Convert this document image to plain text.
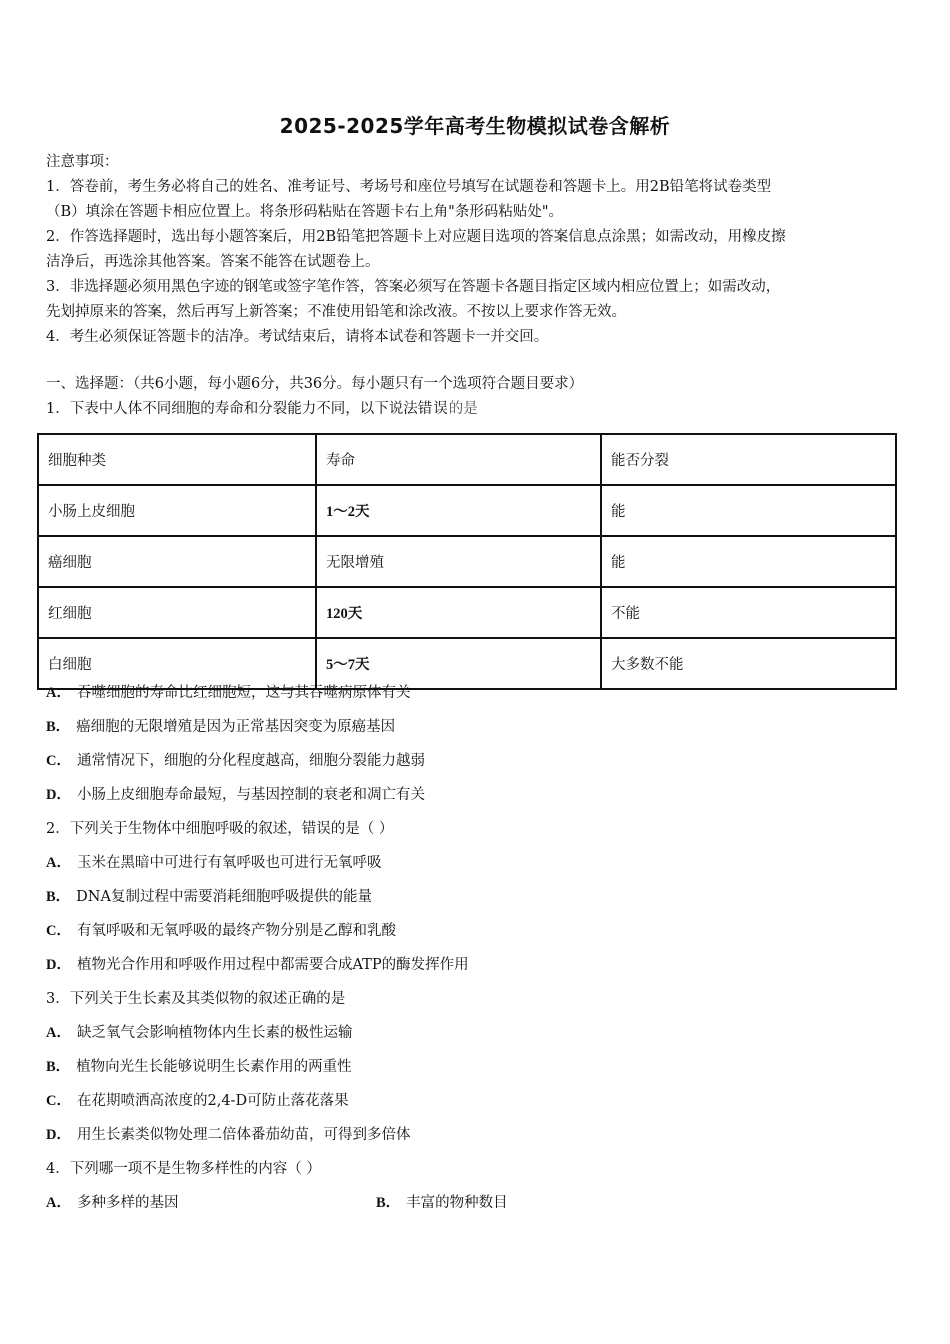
2025-2025学年高考生物模拟试卷含解析

注意事项：

1．答卷前，考生务必将自己的姓名、准考证号、考场号和座位号填写在试题卷和答题卡上。用2B铅笔将试卷类型

（B）填涂在答题卡相应位置上。将条形码粘贴在答题卡右上角"条形码粘贴处"。

2．作答选择题时，选出每小题答案后，用2B铅笔把答题卡上对应题目选项的答案信息点涂黑；如需改动，用橡皮擦

洁净后，再选涂其他答案。答案不能答在试题卷上。

3．非选择题必须用黑色字迹的钢笔或签字笔作答，答案必须写在答题卡各题目指定区域内相应位置上；如需改动，

先划掉原来的答案，然后再写上新答案；不准使用铅笔和涂改液。不按以上要求作答无效。

4．考生必须保证答题卡的洁净。考试结束后，请将本试卷和答题卡一并交回。

一、选择题：（共6小题，每小题6分，共36分。每小题只有一个选项符合题目要求）

1．下表中人体不同细胞的寿命和分裂能力不同，以下说法错误的是

细胞种类	寿命	能否分裂
小肠上皮细胞	1～2天	能
癌细胞	无限增殖	能
红细胞	120天	不能
白细胞	5～7天	大多数不能
A． 吞噬细胞的寿命比红细胞短，这与其吞噬病原体有关
B． 癌细胞的无限增殖是因为正常基因突变为原癌基因
C． 通常情况下，细胞的分化程度越高，细胞分裂能力越弱
D． 小肠上皮细胞寿命最短，与基因控制的衰老和凋亡有关
2．下列关于生物体中细胞呼吸的叙述，错误的是（ ）
A． 玉米在黑暗中可进行有氧呼吸也可进行无氧呼吸
B． DNA复制过程中需要消耗细胞呼吸提供的能量
C． 有氧呼吸和无氧呼吸的最终产物分别是乙醇和乳酸
D． 植物光合作用和呼吸作用过程中都需要合成ATP的酶发挥作用
3．下列关于生长素及其类似物的叙述正确的是
A． 缺乏氧气会影响植物体内生长素的极性运输
B． 植物向光生长能够说明生长素作用的两重性
C． 在花期喷洒高浓度的2,4-D可防止落花落果
D． 用生长素类似物处理二倍体番茄幼苗，可得到多倍体
4．下列哪一项不是生物多样性的内容（ ）
A． 多种多样的基因	B． 丰富的物种数目
